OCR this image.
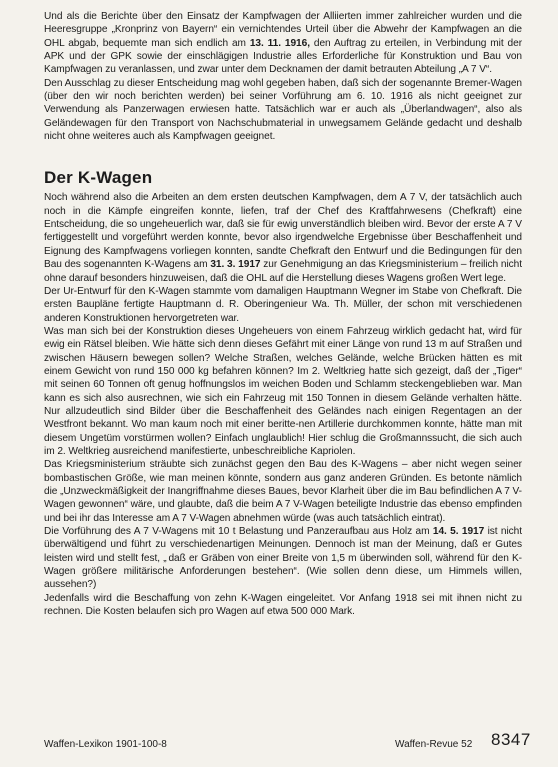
Und als die Berichte über den Einsatz der Kampfwagen der Alliierten immer zahlreicher wurden und die Heeresgruppe „Kronprinz von Bayern“ ein vernichtendes Urteil über die Abwehr der Kampfwagen an die OHL abgab, bequemte man sich endlich am 13. 11. 1916, den Auftrag zu erteilen, in Verbindung mit der APK und der GPK sowie der einschlägigen Industrie alles Erforderliche für Konstruktion und Bau von Kampfwagen zu veranlassen, und zwar unter dem Decknamen der damit betrauten Abteilung „A 7 V“.

Den Ausschlag zu dieser Entscheidung mag wohl gegeben haben, daß sich der sogenannte Bremer-Wagen (über den wir noch berichten werden) bei seiner Vorführung am 6. 10. 1916 als nicht geeignet zur Verwendung als Panzerwagen erwiesen hatte. Tatsächlich war er auch als „Überlandwagen“, also als Geländewagen für den Transport von Nachschubmaterial in unwegsamem Gelände gedacht und deshalb nicht ohne weiteres auch als Kampfwagen geeignet.

Der K-Wagen

Noch während also die Arbeiten an dem ersten deutschen Kampfwagen, dem A 7 V, der tatsächlich auch noch in die Kämpfe eingreifen konnte, liefen, traf der Chef des Kraftfahrwesens (Chefkraft) eine Entscheidung, die so ungeheuerlich war, daß sie für ewig unverständlich bleiben wird. Bevor der erste A 7 V fertiggestellt und vorgeführt werden konnte, bevor also irgendwelche Ergebnisse über Beschaffenheit und Eignung des Kampfwagens vorliegen konnten, sandte Chefkraft den Entwurf und die Bedingungen für den Bau des sogenannten K-Wagens am 31. 3. 1917 zur Genehmigung an das Kriegsministerium – freilich nicht ohne darauf besonders hinzuweisen, daß die OHL auf die Herstellung dieses Wagens großen Wert lege.

Der Ur-Entwurf für den K-Wagen stammte vom damaligen Hauptmann Wegner im Stabe von Chefkraft. Die ersten Baupläne fertigte Hauptmann d. R. Oberingenieur Wa. Th. Müller, der schon mit verschiedenen anderen Konstruktionen hervorgetreten war.

Was man sich bei der Konstruktion dieses Ungeheuers von einem Fahrzeug wirklich gedacht hat, wird für ewig ein Rätsel bleiben. Wie hätte sich denn dieses Gefährt mit einer Länge von rund 13 m auf Straßen und zwischen Häusern bewegen sollen? Welche Straßen, welches Gelände, welche Brücken hätten es mit einem Gewicht von rund 150 000 kg befahren können? Im 2. Weltkrieg hatte sich gezeigt, daß der „Tiger“ mit seinen 60 Tonnen oft genug hoffnungslos im weichen Boden und Schlamm steckengeblieben war. Man kann es sich also ausrechnen, wie sich ein Fahrzeug mit 150 Tonnen in diesem Gelände verhalten hätte. Nur allzudeutlich sind Bilder über die Beschaffenheit des Geländes nach einigen Regentagen an der Westfront bekannt. Wo man kaum noch mit einer beritte-nen Artillerie durchkommen konnte, hätte man mit diesem Ungetüm vorstürmen wollen? Einfach unglaublich! Hier schlug die Großmannssucht, die sich auch im 2. Weltkrieg ausreichend manifestierte, unbeschreibliche Kapriolen.

Das Kriegsministerium sträubte sich zunächst gegen den Bau des K-Wagens – aber nicht wegen seiner bombastischen Größe, wie man meinen könnte, sondern aus ganz anderen Gründen. Es betonte nämlich die „Unzweckmäßigkeit der Inangriffnahme dieses Baues, bevor Klarheit über die im Bau befindlichen A 7 V-Wagen gewonnen“ wäre, und glaubte, daß die beim A 7 V-Wagen beteiligte Industrie das ebenso empfinden und bei ihr das Interesse am A 7 V-Wagen abnehmen würde (was auch tatsächlich eintrat).

Die Vorführung des A 7 V-Wagens mit 10 t Belastung und Panzeraufbau aus Holz am 14. 5. 1917 ist nicht überwältigend und führt zu verschiedenartigen Meinungen. Dennoch ist man der Meinung, daß er Gutes leisten wird und stellt fest, „ daß er Gräben von einer Breite von 1,5 m überwinden soll, während für den K-Wagen größere militärische Anforderungen bestehen“. (Wie sollen denn diese, um Himmels willen, aussehen?)

Jedenfalls wird die Beschaffung von zehn K-Wagen eingeleitet. Vor Anfang 1918 sei mit ihnen nicht zu rechnen. Die Kosten belaufen sich pro Wagen auf etwa 500 000 Mark.

Waffen-Lexikon 1901-100-8	Waffen-Revue 52 8347
